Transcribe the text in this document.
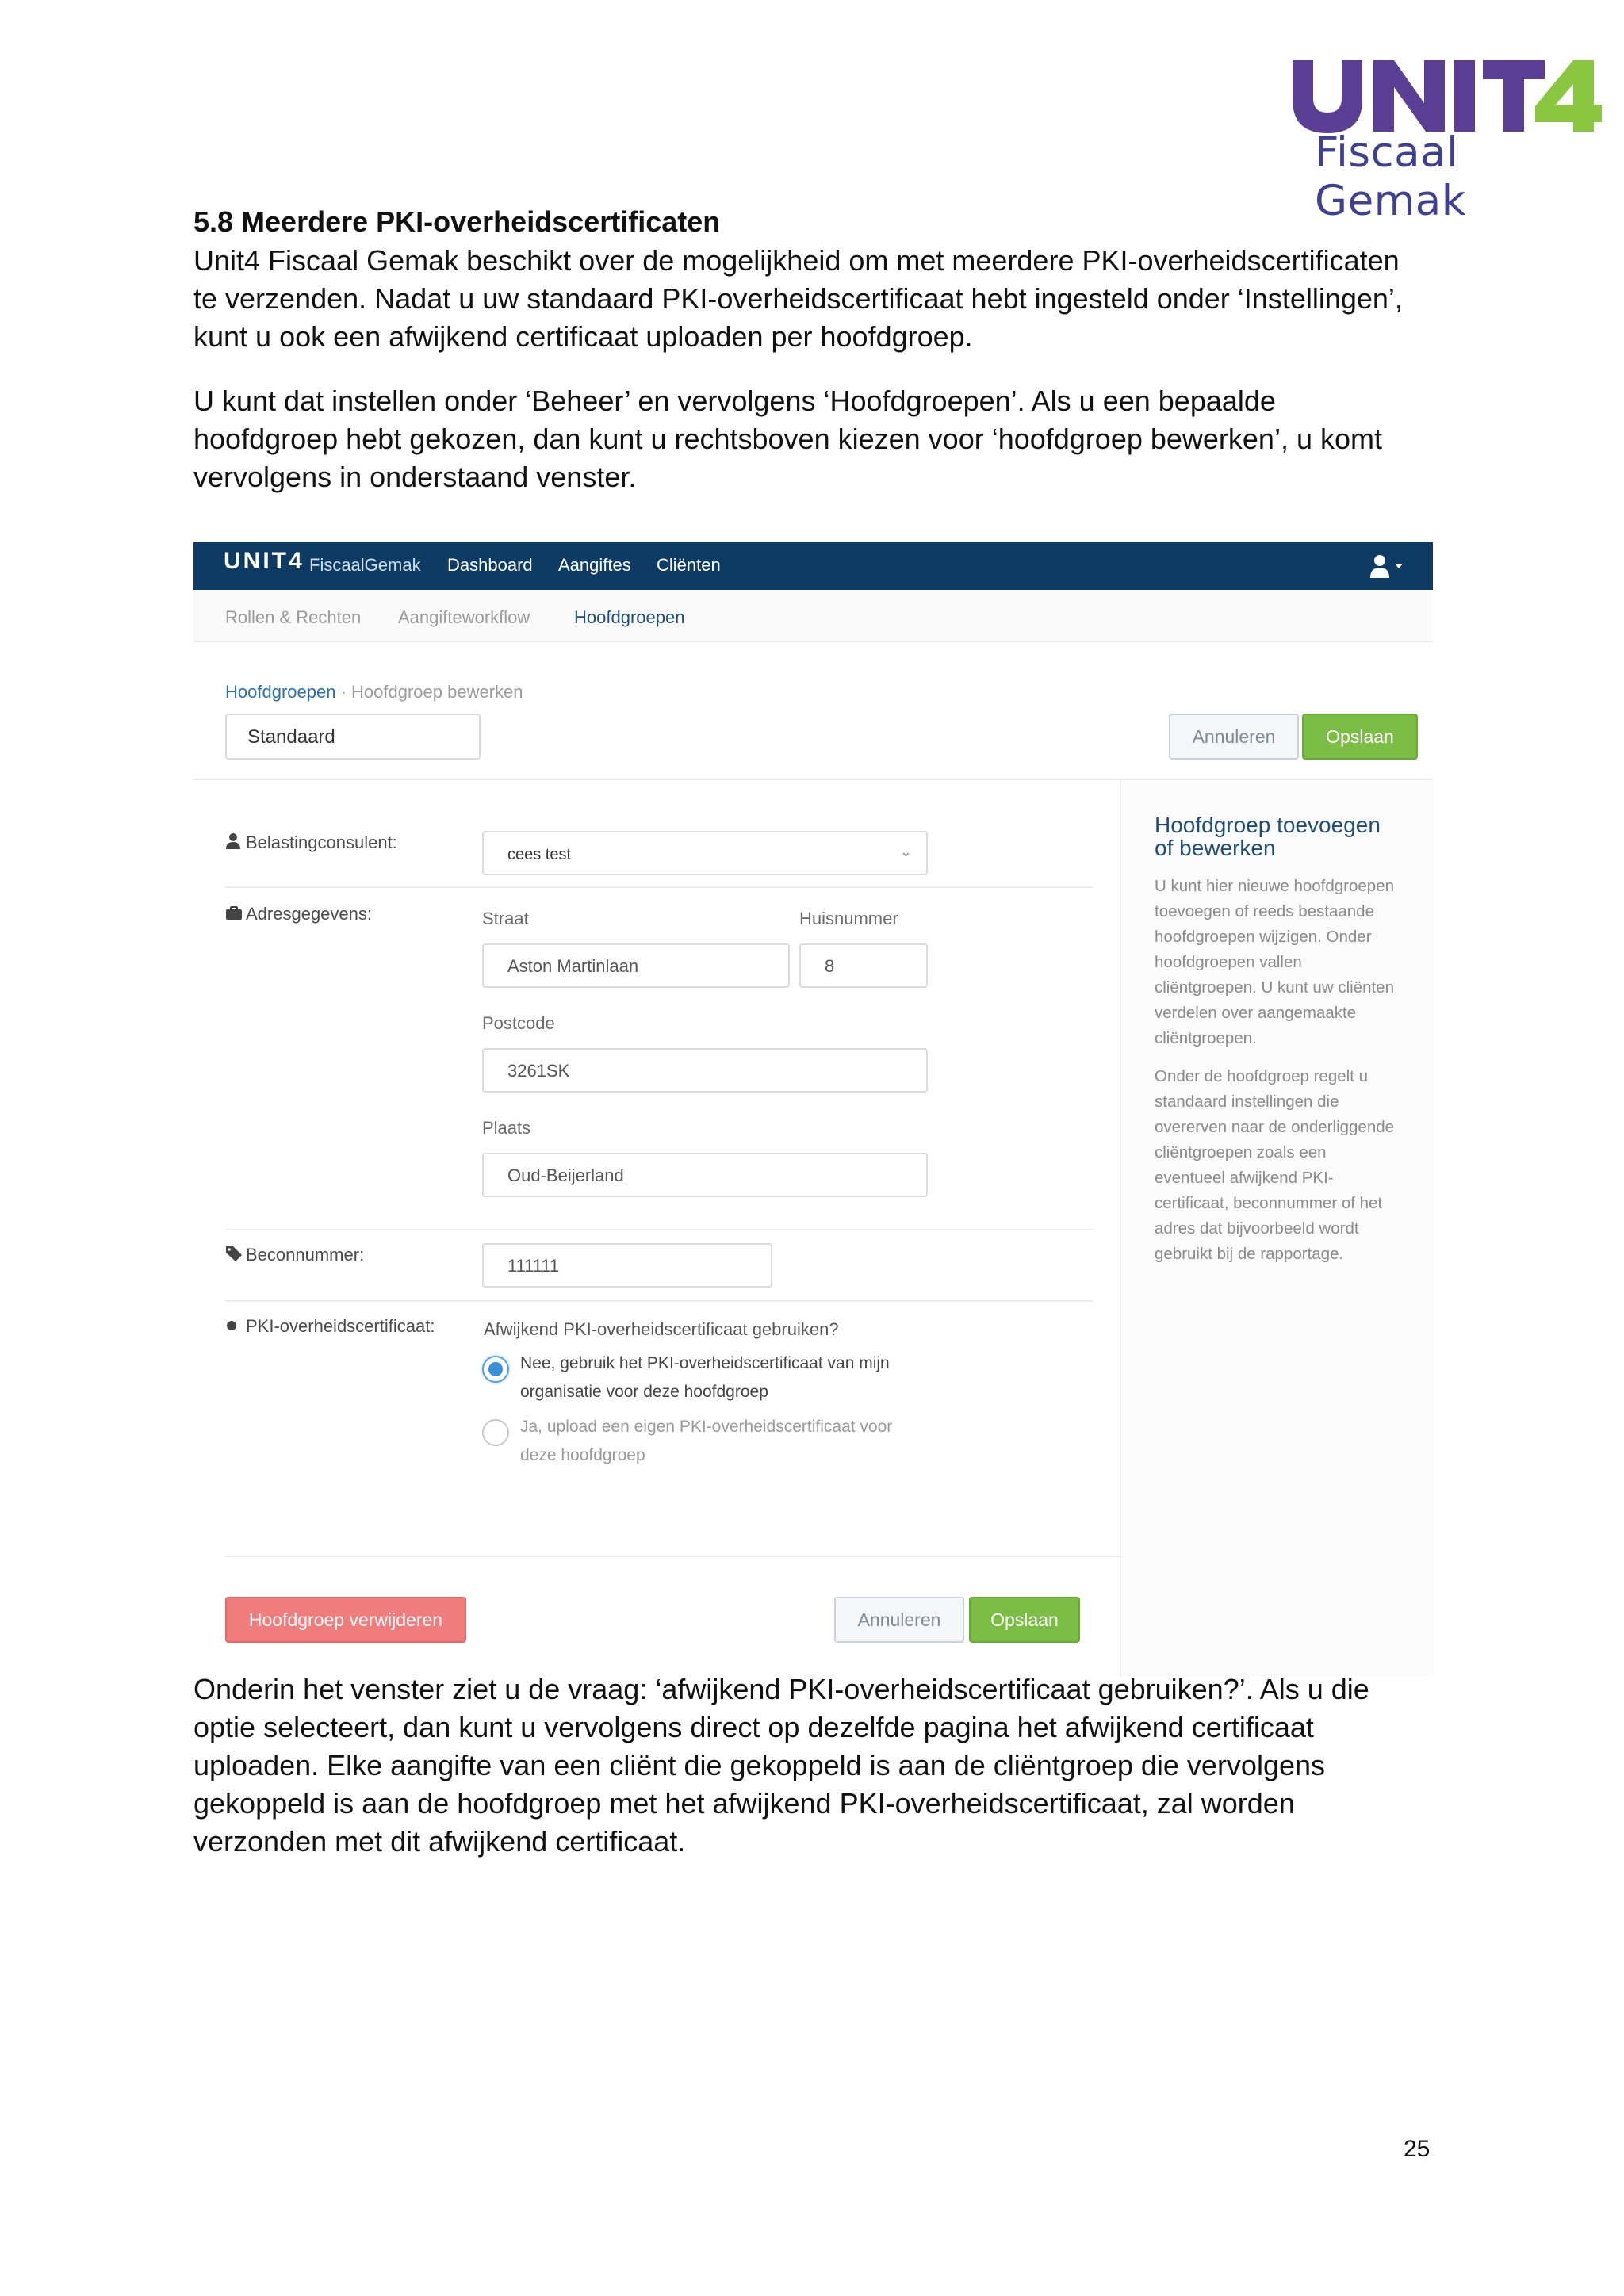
Fiscaal Gemak
5.8 Meerdere PKI-overheidscertificaten
Unit4 Fiscaal Gemak beschikt over de mogelijkheid om met meerdere PKI-overheidscertificaten
te verzenden. Nadat u uw standaard PKI-overheidscertificaat hebt ingesteld onder ‘Instellingen’,
kunt u ook een afwijkend certificaat uploaden per hoofdgroep.
U kunt dat instellen onder ‘Beheer’ en vervolgens ‘Hoofdgroepen’. Als u een bepaalde
hoofdgroep hebt gekozen, dan kunt u rechtsboven kiezen voor ‘hoofdgroep bewerken’, u komt
vervolgens in onderstaand venster.
UNIT4 FiscaalGemak Dashboard Aangiftes Cliënten
Rollen & Rechten Aangifteworkflow	Hoofdgroepen
Hoofdgroepen · Hoofdgroep bewerken
Standaard	Annuleren	Opslaan
Hoofdgroep toevoegen
of bewerken
U kunt hier nieuwe hoofdgroepen
toevoegen of reeds bestaande
hoofdgroepen wijzigen. Onder
hoofdgroepen vallen
cliëntgroepen. U kunt uw cliënten
verdelen over aangemaakte
cliëntgroepen.
Onder de hoofdgroep regelt u
standaard instellingen die
overerven naar de onderliggende
cliëntgroepen zoals een
eventueel afwijkend PKI-
certificaat, beconnummer of het
adres dat bijvoorbeeld wordt
gebruikt bij de rapportage.
Belastingconsulent:
cees test	⌄
Adresgegevens:	Straat	Huisnummer
Aston Martinlaan	8
Postcode
3261SK
Plaats
Oud-Beijerland
Beconnummer:
111111
PKI-overheidscertificaat:	Afwijkend PKI-overheidscertificaat gebruiken?
Nee, gebruik het PKI-overheidscertificaat van mijn
organisatie voor deze hoofdgroep
Ja, upload een eigen PKI-overheidscertificaat voor
deze hoofdgroep
Hoofdgroep verwijderen	Annuleren	Opslaan
Onderin het venster ziet u de vraag: ‘afwijkend PKI-overheidscertificaat gebruiken?’. Als u die
optie selecteert, dan kunt u vervolgens direct op dezelfde pagina het afwijkend certificaat
uploaden. Elke aangifte van een cliënt die gekoppeld is aan de cliëntgroep die vervolgens
gekoppeld is aan de hoofdgroep met het afwijkend PKI-overheidscertificaat, zal worden
verzonden met dit afwijkend certificaat.
25
